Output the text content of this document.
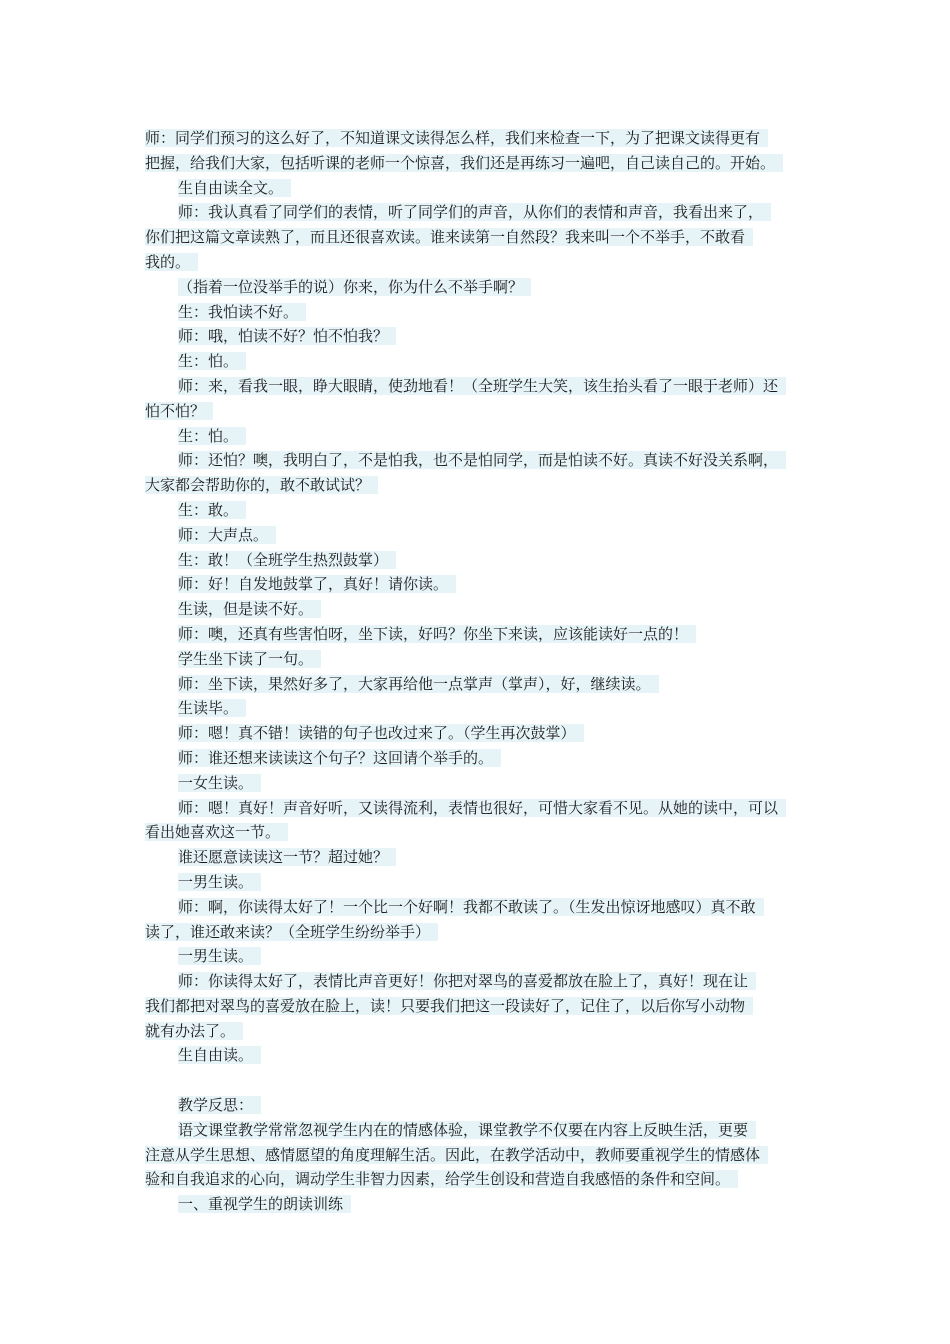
师：同学们预习的这么好了，不知道课文读得怎么样，我们来检查一下，为了把课文读得更有
把握，给我们大家，包括听课的老师一个惊喜，我们还是再练习一遍吧，自己读自己的。开始。
生自由读全文。
师：我认真看了同学们的表情，听了同学们的声音，从你们的表情和声音，我看出来了，
你们把这篇文章读熟了，而且还很喜欢读。谁来读第一自然段？我来叫一个不举手，不敢看
我的。
（指着一位没举手的说）你来，你为什么不举手啊？
生：我怕读不好。
师：哦，怕读不好？怕不怕我？
生：怕。
师：来，看我一眼，睁大眼睛，使劲地看！（全班学生大笑，该生抬头看了一眼于老师）还
怕不怕？
生：怕。
师：还怕？噢，我明白了，不是怕我，也不是怕同学，而是怕读不好。真读不好没关系啊，
大家都会帮助你的，敢不敢试试？
生：敢。
师：大声点。
生：敢！（全班学生热烈鼓掌）
师：好！自发地鼓掌了，真好！请你读。
生读，但是读不好。
师：噢，还真有些害怕呀，坐下读，好吗？你坐下来读，应该能读好一点的！
学生坐下读了一句。
师：坐下读，果然好多了，大家再给他一点掌声（掌声），好，继续读。
生读毕。
师：嗯！真不错！读错的句子也改过来了。（学生再次鼓掌）
师：谁还想来读读这个句子？这回请个举手的。
一女生读。
师：嗯！真好！声音好听，又读得流利，表情也很好，可惜大家看不见。从她的读中，可以
看出她喜欢这一节。
谁还愿意读读这一节？超过她？
一男生读。
师：啊，你读得太好了！一个比一个好啊！我都不敢读了。（生发出惊讶地感叹）真不敢
读了，谁还敢来读？（全班学生纷纷举手）
一男生读。
师：你读得太好了，表情比声音更好！你把对翠鸟的喜爱都放在脸上了，真好！现在让
我们都把对翠鸟的喜爱放在脸上，读！只要我们把这一段读好了，记住了，以后你写小动物
就有办法了。
生自由读。
教学反思：
语文课堂教学常常忽视学生内在的情感体验，课堂教学不仅要在内容上反映生活，更要
注意从学生思想、感情愿望的角度理解生活。因此，在教学活动中，教师要重视学生的情感体
验和自我追求的心向，调动学生非智力因素，给学生创设和营造自我感悟的条件和空间。
一、重视学生的朗读训练
